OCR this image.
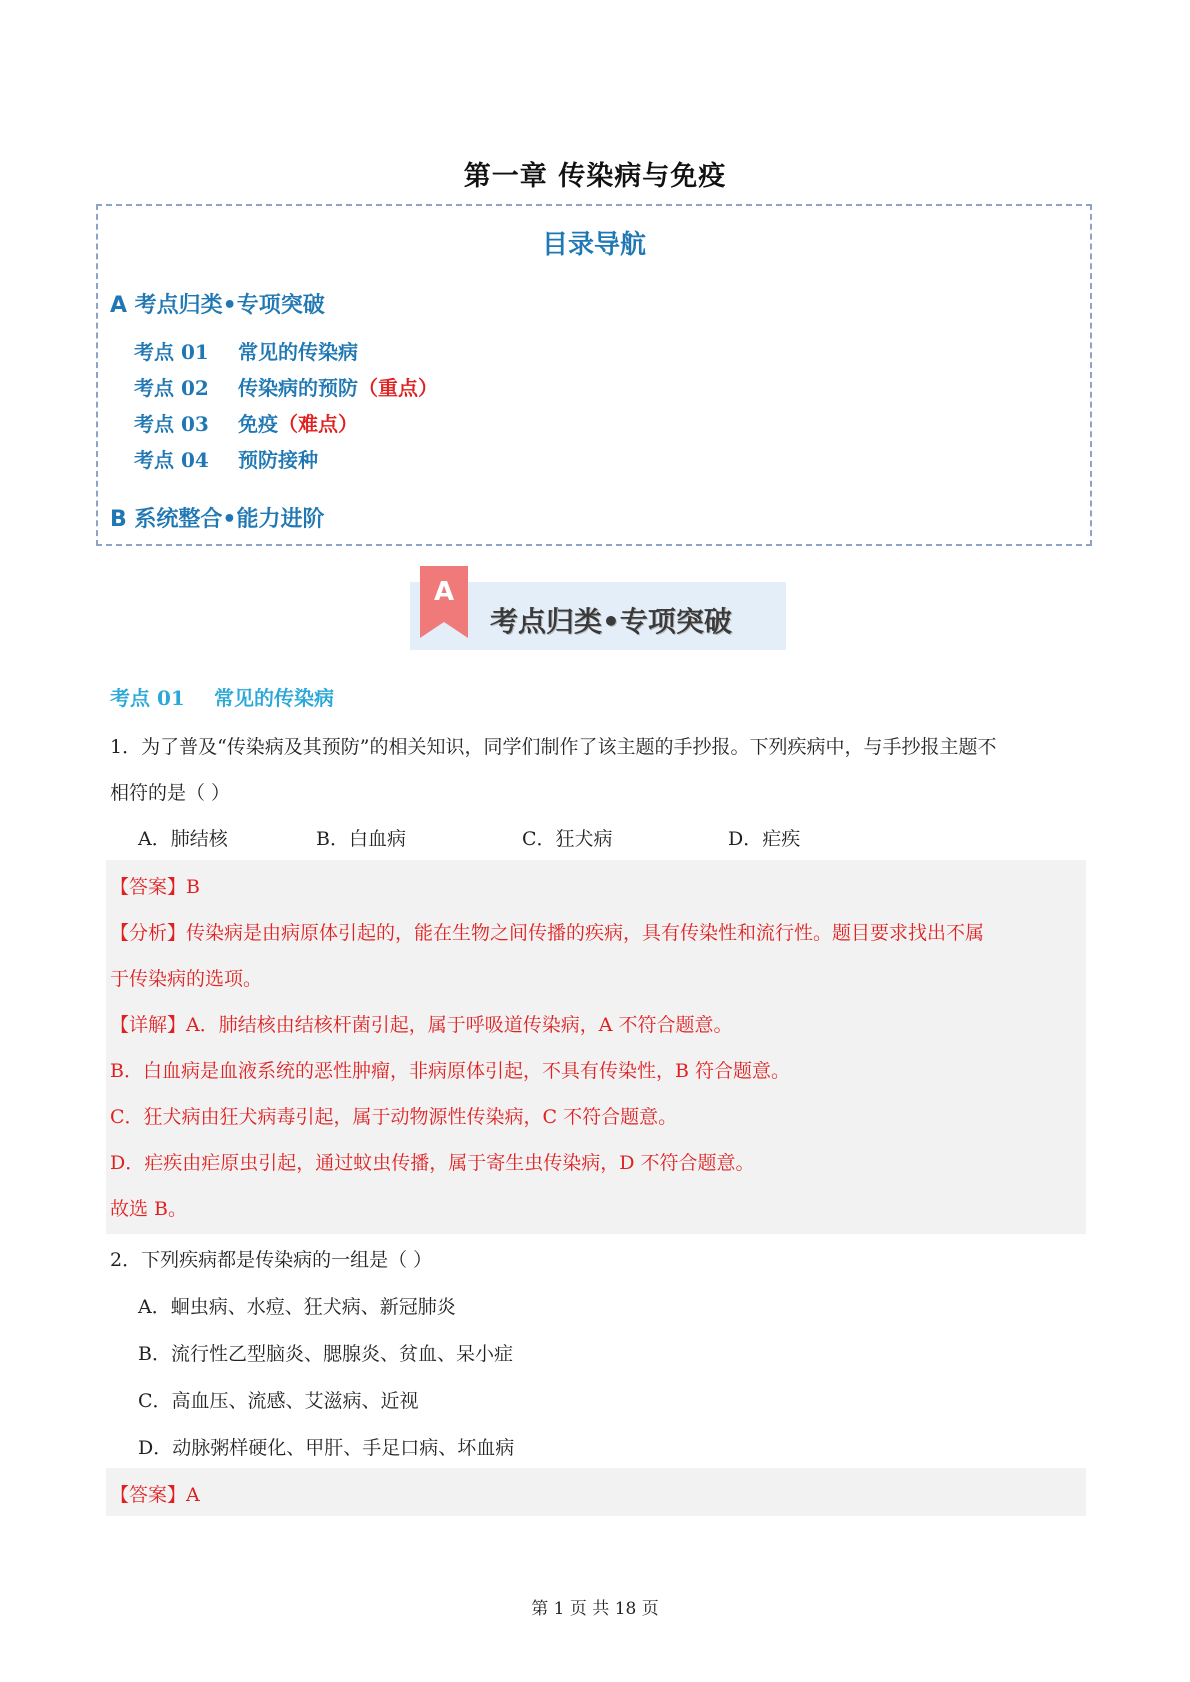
第一章 传染病与免疫
目录导航
A 考点归类•专项突破
考点 01 常见的传染病
考点 02 传染病的预防（重点）
考点 03 免疫（难点）
考点 04 预防接种
B 系统整合•能力进阶
A
考点归类•专项突破
考点 01 常见的传染病
1．为了普及“传染病及其预防”的相关知识，同学们制作了该主题的手抄报。下列疾病中，与手抄报主题不
相符的是（ ）
A．肺结核	B．白血病	C．狂犬病	D．疟疾
【答案】B
【分析】传染病是由病原体引起的，能在生物之间传播的疾病，具有传染性和流行性。题目要求找出不属
于传染病的选项。
【详解】A．肺结核由结核杆菌引起，属于呼吸道传染病，A 不符合题意。
B．白血病是血液系统的恶性肿瘤，非病原体引起，不具有传染性，B 符合题意。
C．狂犬病由狂犬病毒引起，属于动物源性传染病，C 不符合题意。
D．疟疾由疟原虫引起，通过蚊虫传播，属于寄生虫传染病，D 不符合题意。
故选 B。
2．下列疾病都是传染病的一组是（ ）
A．蛔虫病、水痘、狂犬病、新冠肺炎
B．流行性乙型脑炎、腮腺炎、贫血、呆小症
C．高血压、流感、艾滋病、近视
D．动脉粥样硬化、甲肝、手足口病、坏血病
【答案】A
第 1 页 共 18 页
